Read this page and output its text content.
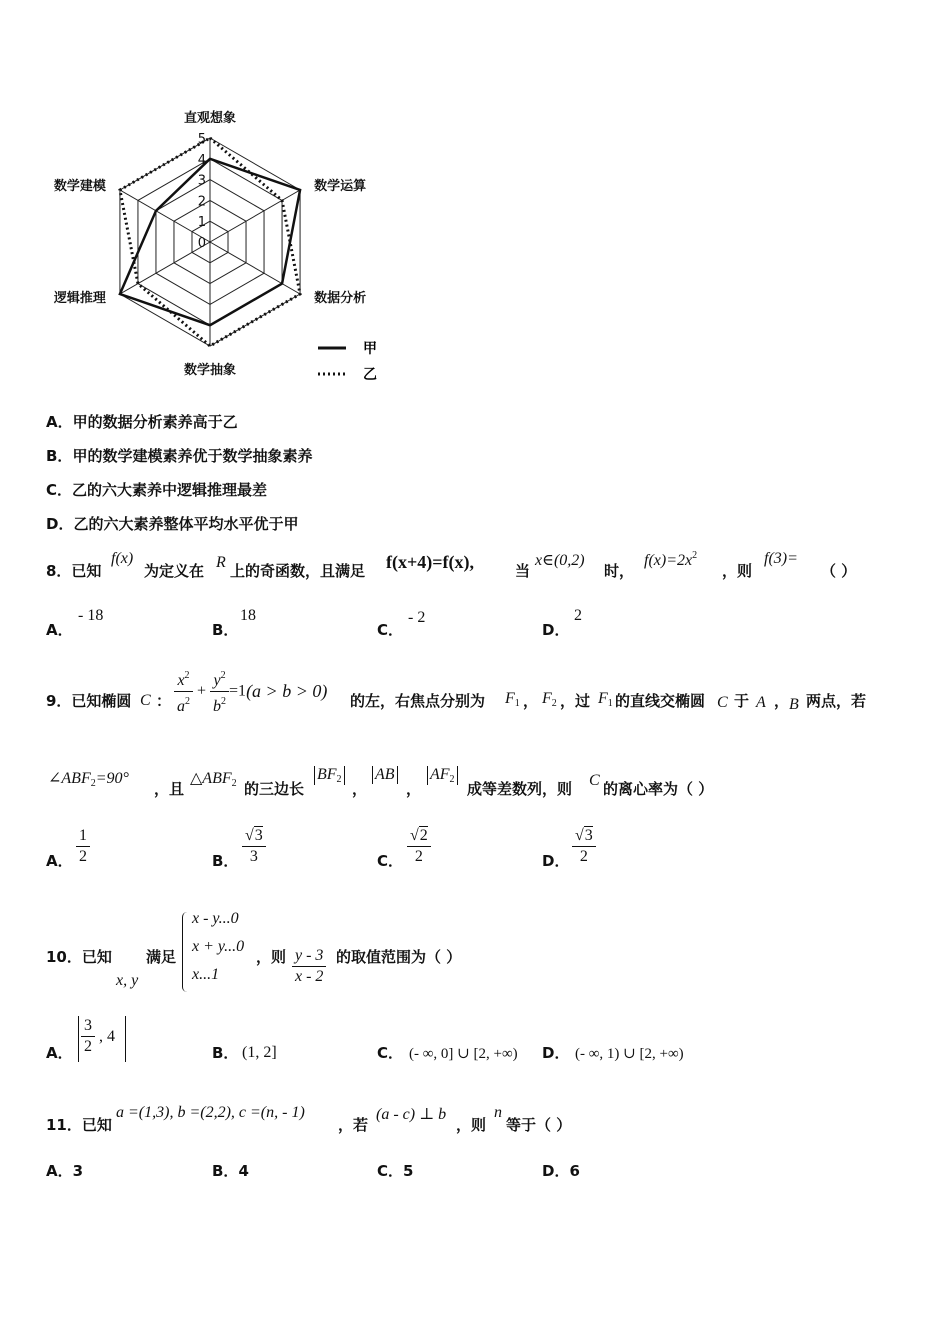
0
1
2
3
4
5
直观想象
数学运算
数据分析
数学抽象
逻辑推理
数学建模
甲
乙
A．甲的数据分析素养高于乙
B．甲的数学建模素养优于数学抽象素养
C．乙的六大素养中逻辑推理最差
D．乙的六大素养整体平均水平优于甲
8．已知
f(x)
为定义在 R 上的奇函数，且满足 f(x+4)=f(x),	当
x∈(0,2)
时，
$f(x)=2x^2$
，则
f(3)=
（ ）
A．
- 18
B．
18
C．
- 2
D．
2
9．已知椭圆 C ： $\frac{x^2}{a^2} + \frac{y^2}{b^2} =1(a > b > 0)$ 的左，右焦点分别为 $F_1$ ， $F_2$ ，过 $F_1$ 的直线交椭圆 C 于 A ， B 两点，若
$\angle ABF_2=90^\circ$
，且
$\triangle ABF_2$ 的三边长
$BF_2$
，
AB
，
$AF_2$
成等差数列，则 C 的离心率为（ ）
A． $\frac{1}{2}$	B． $\frac{√3}{3}$	C． $\frac{√2}{2}$	D． $\frac{√3}{2}$
10．已知
x, y
满足
x - y...0
x + y...0
x...1
，则 $\frac{y - 3}{x - 2}$ 的取值范围为（ ）
A． $\frac{3}{2}$ , 4
B． (1, 2]	C． (- ∞, 0] ∪ [2, +∞) D． (- ∞, 1) ∪ [2, +∞)
11．已知
a =(1,3), b =(2,2), c =(n, - 1)
，若
(a - c) ⊥ b
，则
n
等于（ ）
A．3	B．4	C．5	D．6
